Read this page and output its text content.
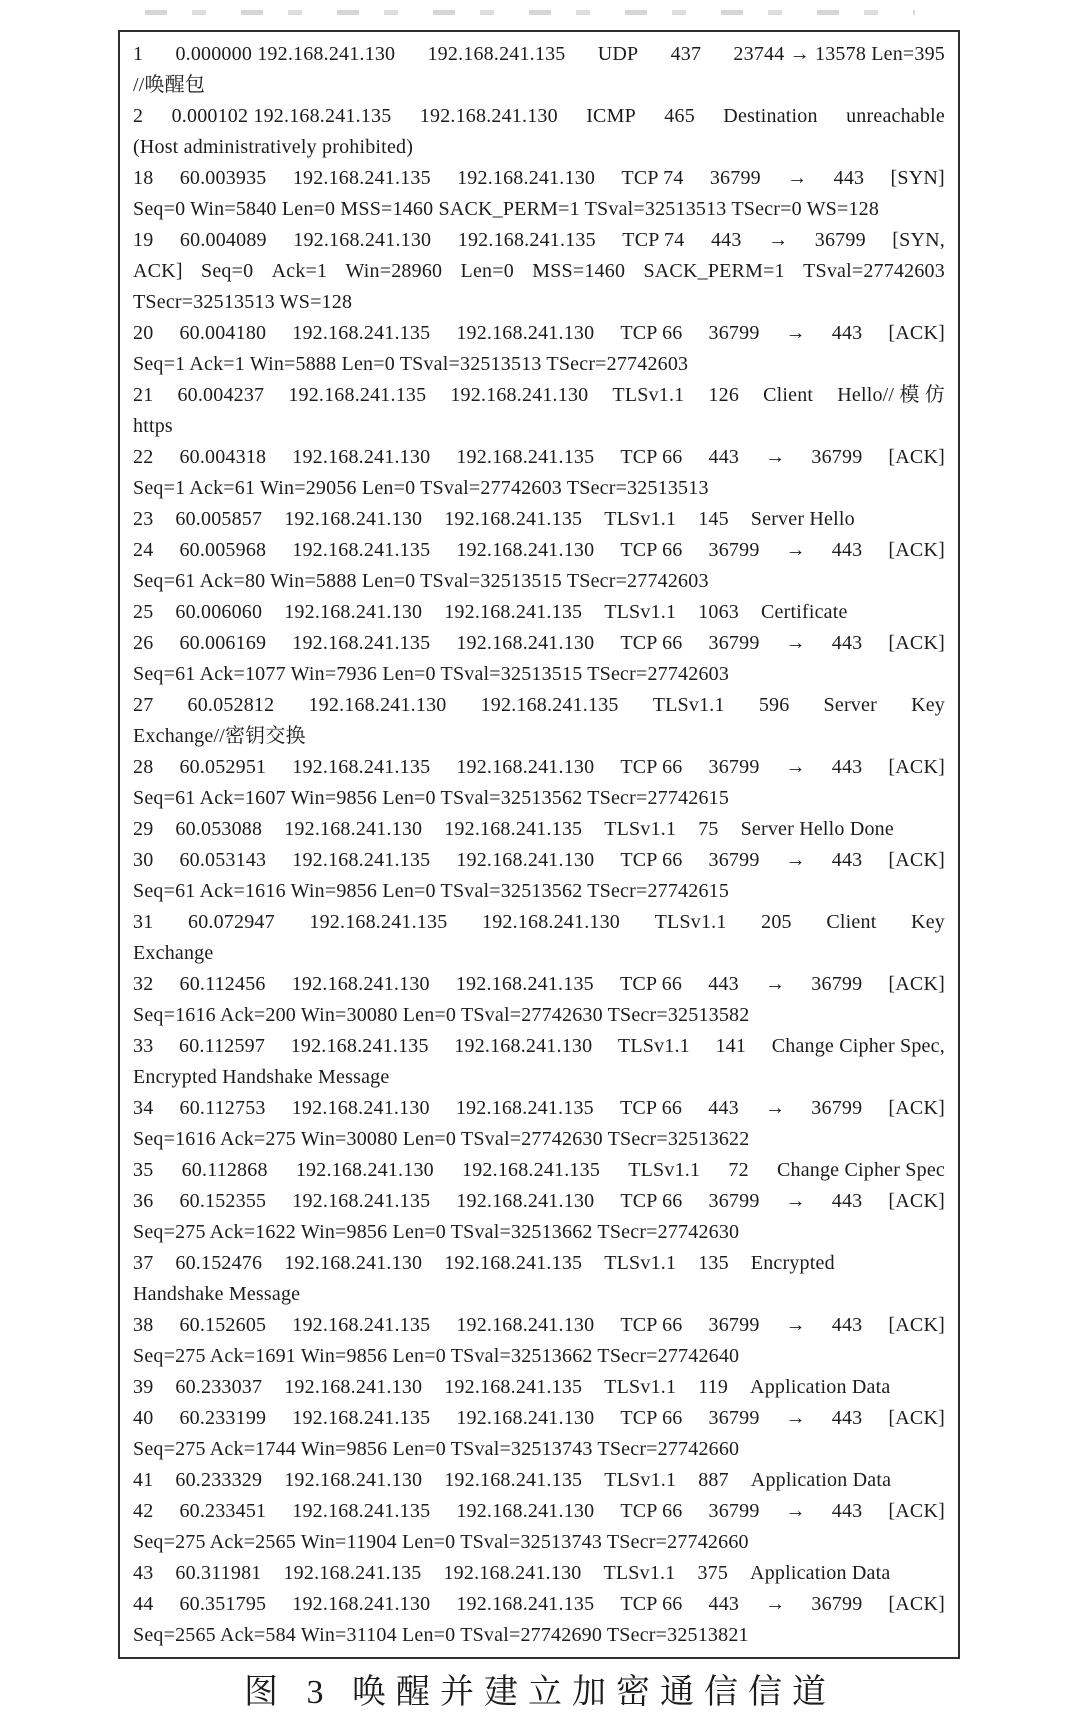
1 0.000000 192.168.241.130 192.168.241.135 UDP 437 23744 → 13578 Len=395
//唤醒包
2 0.000102 192.168.241.135 192.168.241.130 ICMP 465 Destination unreachable
(Host administratively prohibited)
18 60.003935 192.168.241.135 192.168.241.130 TCP 74 36799 → 443 [SYN]
Seq=0 Win=5840 Len=0 MSS=1460 SACK_PERM=1 TSval=32513513 TSecr=0 WS=128
19 60.004089 192.168.241.130 192.168.241.135 TCP 74 443 → 36799 [SYN,
ACK] Seq=0 Ack=1 Win=28960 Len=0 MSS=1460 SACK_PERM=1 TSval=27742603
TSecr=32513513 WS=128
20 60.004180 192.168.241.135 192.168.241.130 TCP 66 36799 → 443 [ACK]
Seq=1 Ack=1 Win=5888 Len=0 TSval=32513513 TSecr=27742603
21 60.004237 192.168.241.135 192.168.241.130 TLSv1.1 126 Client Hello// 模 仿
https
22 60.004318 192.168.241.130 192.168.241.135 TCP 66 443 → 36799 [ACK]
Seq=1 Ack=61 Win=29056 Len=0 TSval=27742603 TSecr=32513513
23 60.005857 192.168.241.130 192.168.241.135 TLSv1.1 145 Server Hello
24 60.005968 192.168.241.135 192.168.241.130 TCP 66 36799 → 443 [ACK]
Seq=61 Ack=80 Win=5888 Len=0 TSval=32513515 TSecr=27742603
25 60.006060 192.168.241.130 192.168.241.135 TLSv1.1 1063 Certificate
26 60.006169 192.168.241.135 192.168.241.130 TCP 66 36799 → 443 [ACK]
Seq=61 Ack=1077 Win=7936 Len=0 TSval=32513515 TSecr=27742603
27 60.052812 192.168.241.130 192.168.241.135 TLSv1.1 596 Server Key
Exchange//密钥交换
28 60.052951 192.168.241.135 192.168.241.130 TCP 66 36799 → 443 [ACK]
Seq=61 Ack=1607 Win=9856 Len=0 TSval=32513562 TSecr=27742615
29 60.053088 192.168.241.130 192.168.241.135 TLSv1.1 75 Server Hello Done
30 60.053143 192.168.241.135 192.168.241.130 TCP 66 36799 → 443 [ACK]
Seq=61 Ack=1616 Win=9856 Len=0 TSval=32513562 TSecr=27742615
31 60.072947 192.168.241.135 192.168.241.130 TLSv1.1 205 Client Key
Exchange
32 60.112456 192.168.241.130 192.168.241.135 TCP 66 443 → 36799 [ACK]
Seq=1616 Ack=200 Win=30080 Len=0 TSval=27742630 TSecr=32513582
33 60.112597 192.168.241.135 192.168.241.130 TLSv1.1 141 Change Cipher Spec,
Encrypted Handshake Message
34 60.112753 192.168.241.130 192.168.241.135 TCP 66 443 → 36799 [ACK]
Seq=1616 Ack=275 Win=30080 Len=0 TSval=27742630 TSecr=32513622
35 60.112868 192.168.241.130 192.168.241.135 TLSv1.1 72 Change Cipher Spec
36 60.152355 192.168.241.135 192.168.241.130 TCP 66 36799 → 443 [ACK]
Seq=275 Ack=1622 Win=9856 Len=0 TSval=32513662 TSecr=27742630
37 60.152476 192.168.241.130 192.168.241.135 TLSv1.1 135 Encrypted
Handshake Message
38 60.152605 192.168.241.135 192.168.241.130 TCP 66 36799 → 443 [ACK]
Seq=275 Ack=1691 Win=9856 Len=0 TSval=32513662 TSecr=27742640
39 60.233037 192.168.241.130 192.168.241.135 TLSv1.1 119 Application Data
40 60.233199 192.168.241.135 192.168.241.130 TCP 66 36799 → 443 [ACK]
Seq=275 Ack=1744 Win=9856 Len=0 TSval=32513743 TSecr=27742660
41 60.233329 192.168.241.130 192.168.241.135 TLSv1.1 887 Application Data
42 60.233451 192.168.241.135 192.168.241.130 TCP 66 36799 → 443 [ACK]
Seq=275 Ack=2565 Win=11904 Len=0 TSval=32513743 TSecr=27742660
43 60.311981 192.168.241.135 192.168.241.130 TLSv1.1 375 Application Data
44 60.351795 192.168.241.130 192.168.241.135 TCP 66 443 → 36799 [ACK]
Seq=2565 Ack=584 Win=31104 Len=0 TSval=27742690 TSecr=32513821
图 3 唤醒并建立加密通信信道
